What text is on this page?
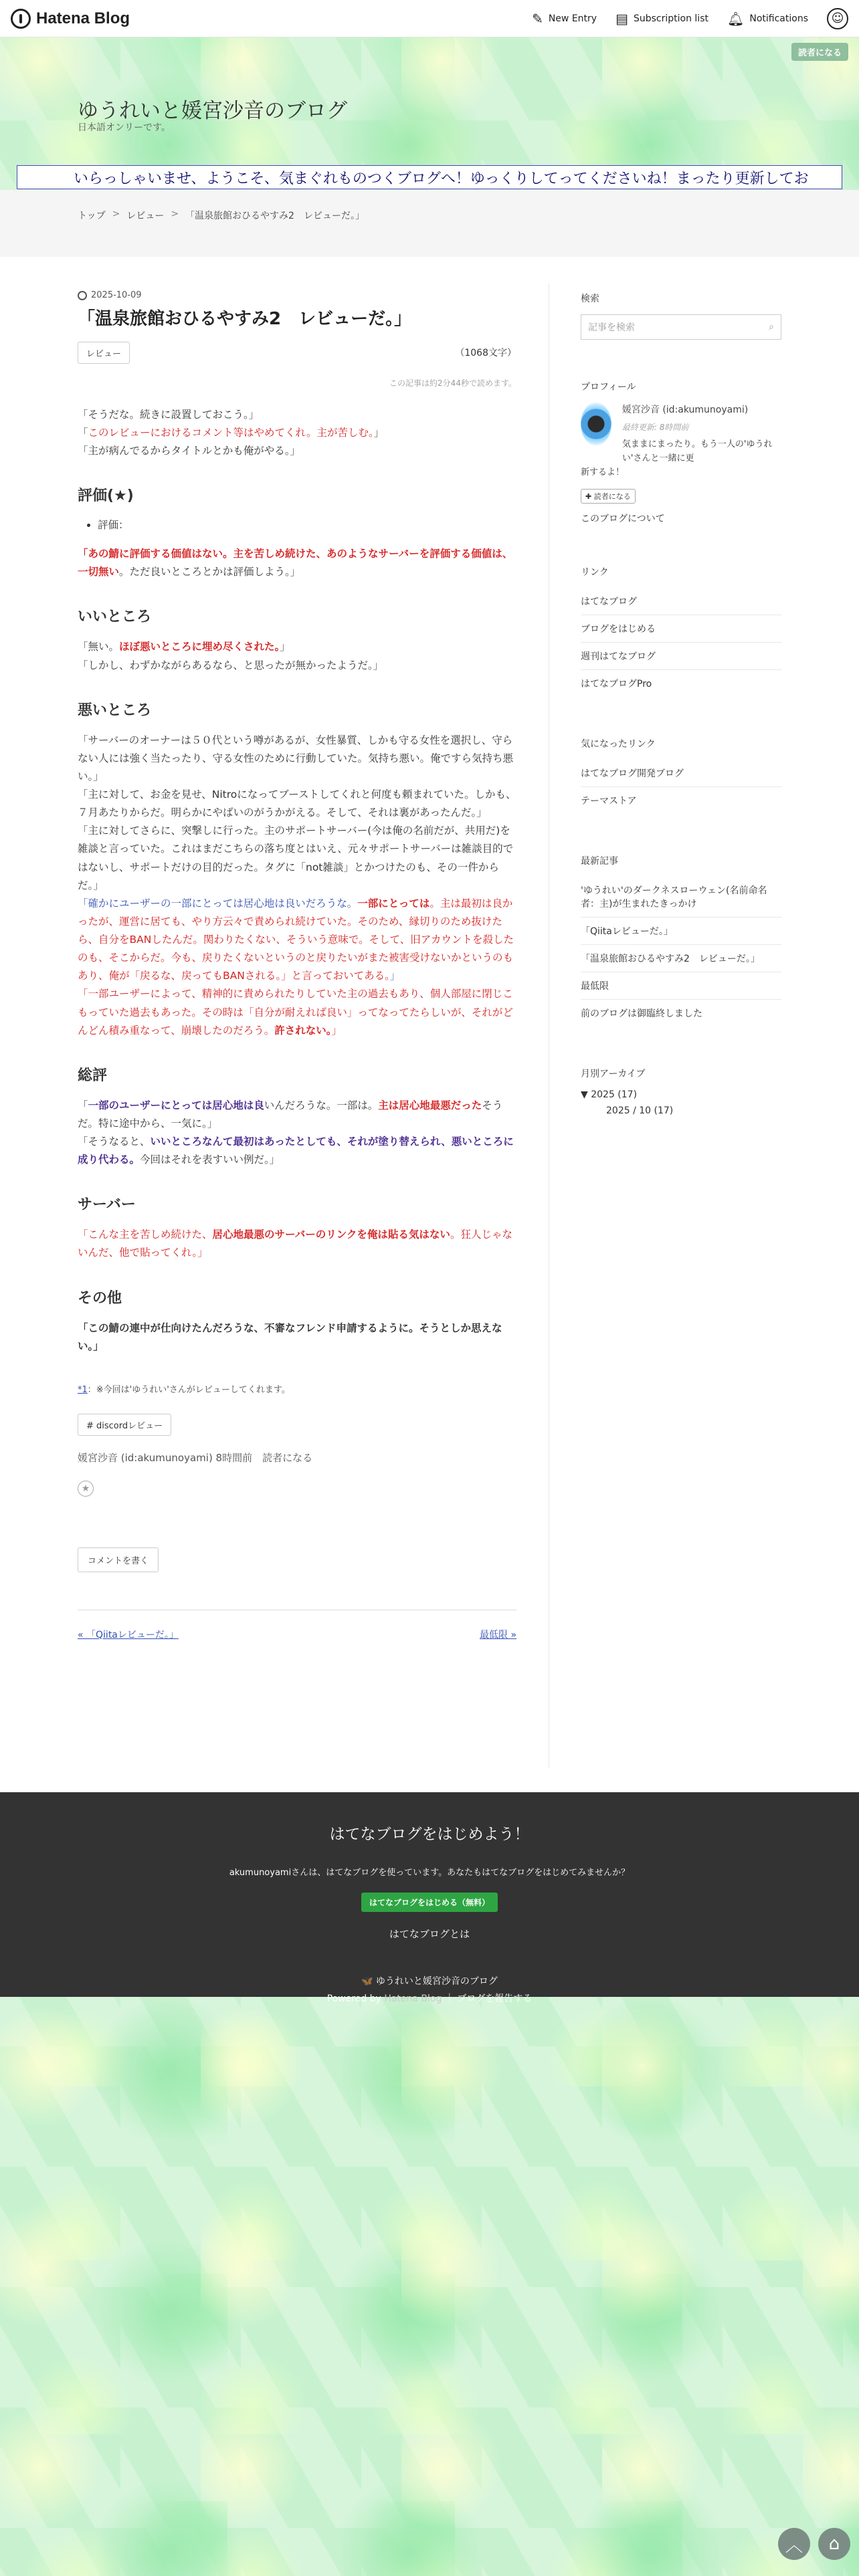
Hatena Blog	✎ New Entry ▤ Subscription list 🔔︎ Notifications	☺
読者になる
ゆうれいと媛宮沙音のブログ
日本語オンリーです。
いらっしゃいませ、ようこそ、気まぐれものつくブログへ！ゆっくりしてってくださいね！まったり更新してお
トップ > レビュー > 「温泉旅館おひるやすみ2　レビューだ。」
2025-10-09
「温泉旅館おひるやすみ2　レビューだ。」
レビュー	（1068文字）
この記事は約2分44秒で読めます。

「そうだな。続きに設置しておこう。」

「このレビューにおけるコメント等はやめてくれ。主が苦しむ。」

「主が病んでるからタイトルとかも俺がやる。」

評価(★)
• 評価：

「あの鯖に評価する価値はない。主を苦しめ続けた、あのようなサーバーを評価する価値は、一切無い。ただ良いところとかは評価しよう。」

いいところ

「無い。ほぼ悪いところに埋め尽くされた。」

「しかし、わずかながらあるなら、と思ったが無かったようだ。」

悪いところ

「サーバーのオーナーは５０代という噂があるが、女性暴質、しかも守る女性を選択し、守らない人には強く当たったり、守る女性のために行動していた。気持ち悪い。俺ですら気持ち悪い。」

「主に対して、お金を見せ、Nitroになってブーストしてくれと何度も頼まれていた。しかも、７月あたりからだ。明らかにやばいのがうかがえる。そして、それは裏があったんだ。」

「主に対してさらに、突撃しに行った。主のサポートサーバー(今は俺の名前だが、共用だ)を雑談と言っていた。これはまだこちらの落ち度とはいえ、元々サポートサーバーは雑談目的ではないし、サポートだけの目的だった。タグに「not雑談」とかつけたのも、その一件からだ。」

「確かにユーザーの一部にとっては居心地は良いだろうな。一部にとっては。主は最初は良かったが、運営に居ても、やり方云々で責められ続けていた。そのため、縁切りのため抜けたら、自分をBANしたんだ。関わりたくない、そういう意味で。そして、旧アカウントを殺したのも、そこからだ。今も、戻りたくないというのと戻りたいがまた被害受けないかというのもあり、俺が「戻るな、戻ってもBANされる。」と言っておいてある。」

「一部ユーザーによって、精神的に責められたりしていた主の過去もあり、個人部屋に閉じこもっていた過去もあった。その時は「自分が耐えれば良い」ってなってたらしいが、それがどんどん積み重なって、崩壊したのだろう。許されない。」

総評

「一部のユーザーにとっては居心地は良いんだろうな。一部は。主は居心地最悪だったそうだ。特に途中から、一気に。」

「そうなると、いいところなんて最初はあったとしても、それが塗り替えられ、悪いところに成り代わる。今回はそれを表すいい例だ。」

サーバー

「こんな主を苦しめ続けた、居心地最悪のサーバーのリンクを俺は貼る気はない。狂人じゃないんだ、他で貼ってくれ。」

その他

「この鯖の連中が仕向けたんだろうな、不審なフレンド申請するように。そうとしか思えない。」

*1：※今回は'ゆうれい'さんがレビューしてくれます。
# discordレビュー
媛宮沙音 (id:akumunoyami) 8時間前　読者になる
★
コメントを書く
« 「Qiitaレビューだ。」	最低限 »
検索
記事を検索	⌕
プロフィール
媛宮沙音 (id:akumunoyami)
最終更新: 8時間前
気ままにまったり。もう一人の'ゆうれい'さんと一緒に更
新するよ！
✚ 読者になる
このブログについて
リンク
はてなブログ
ブログをはじめる
週刊はてなブログ
はてなブログPro
気になったリンク
はてなブログ開発ブログ
テーマストア
最新記事
'ゆうれい'のダークネスローウェン(名前命名者：主)が生まれたきっかけ
「Qiitaレビューだ。」
「温泉旅館おひるやすみ2　レビューだ。」
最低限
前のブログは御臨終しました
月別アーカイブ
▼ 2025 (17)
2025 / 10 (17)
はてなブログをはじめよう！
akumunoyamiさんは、はてなブログを使っています。あなたもはてなブログをはじめてみませんか？
はてなブログをはじめる（無料）
はてなブログとは
🦋 ゆうれいと媛宮沙音のブログ
Powered by Hatena Blog ｜ ブログを報告する
︿ ⌂
